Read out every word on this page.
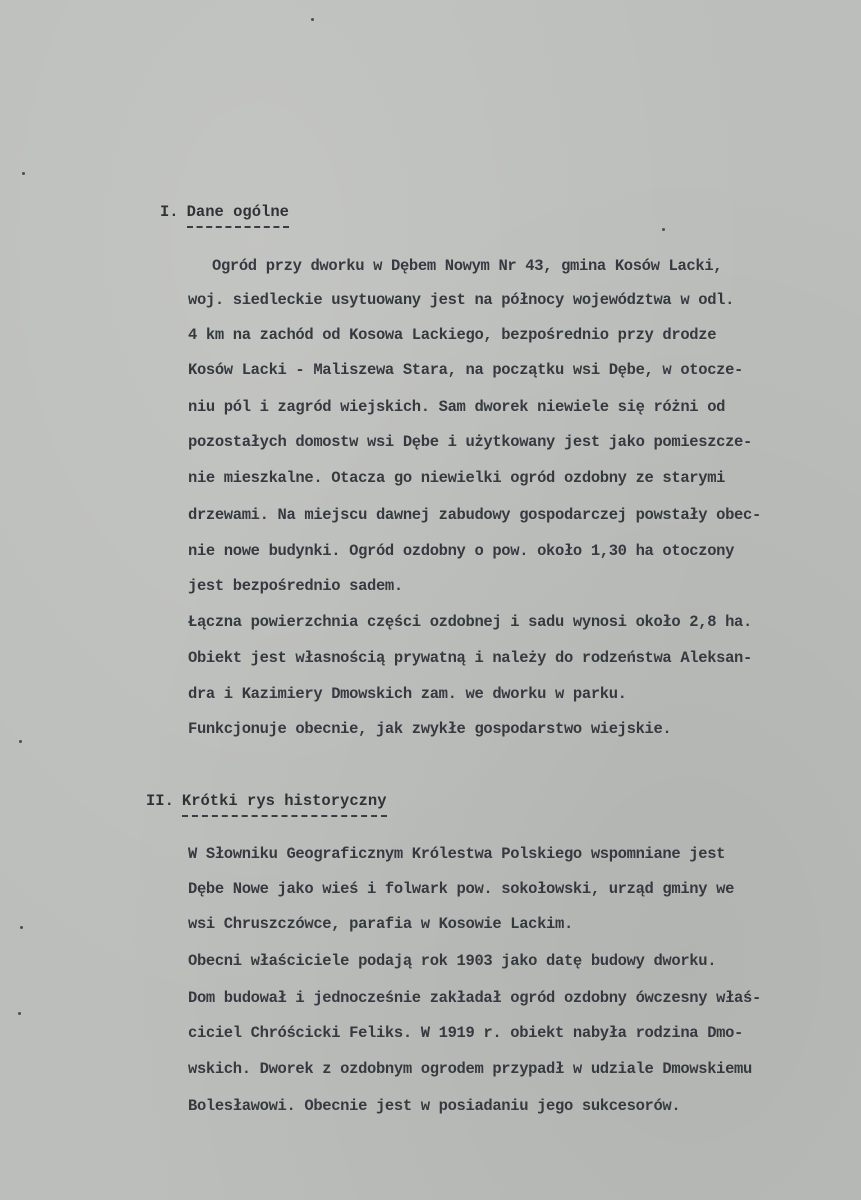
I. Dane ogólne

Ogród przy dworku w Dębem Nowym Nr 43, gmina Kosów Lacki,

woj. siedleckie usytuowany jest na północy województwa w odl.

4 km na zachód od Kosowa Lackiego, bezpośrednio przy drodze

Kosów Lacki - Maliszewa Stara, na początku wsi Dębe, w otocze-

niu pól i zagród wiejskich. Sam dworek niewiele się różni od

pozostałych domostw wsi Dębe i użytkowany jest jako pomieszcze-

nie mieszkalne. Otacza go niewielki ogród ozdobny ze starymi

drzewami. Na miejscu dawnej zabudowy gospodarczej powstały obec-

nie nowe budynki. Ogród ozdobny o pow. około 1,30 ha otoczony

jest bezpośrednio sadem.

Łączna powierzchnia części ozdobnej i sadu wynosi około 2,8 ha.

Obiekt jest własnością prywatną i należy do rodzeństwa Aleksan-

dra i Kazimiery Dmowskich zam. we dworku w parku.

Funkcjonuje obecnie, jak zwykłe gospodarstwo wiejskie.

II. Krótki rys historyczny

W Słowniku Geograficznym Królestwa Polskiego wspomniane jest

Dębe Nowe jako wieś i folwark pow. sokołowski, urząd gminy we

wsi Chruszczówce, parafia w Kosowie Lackim.

Obecni właściciele podają rok 1903 jako datę budowy dworku.

Dom budował i jednocześnie zakładał ogród ozdobny ówczesny właś-

ciciel Chróścicki Feliks. W 1919 r. obiekt nabyła rodzina Dmo-

wskich. Dworek z ozdobnym ogrodem przypadł w udziale Dmowskiemu

Bolesławowi. Obecnie jest w posiadaniu jego sukcesorów.
